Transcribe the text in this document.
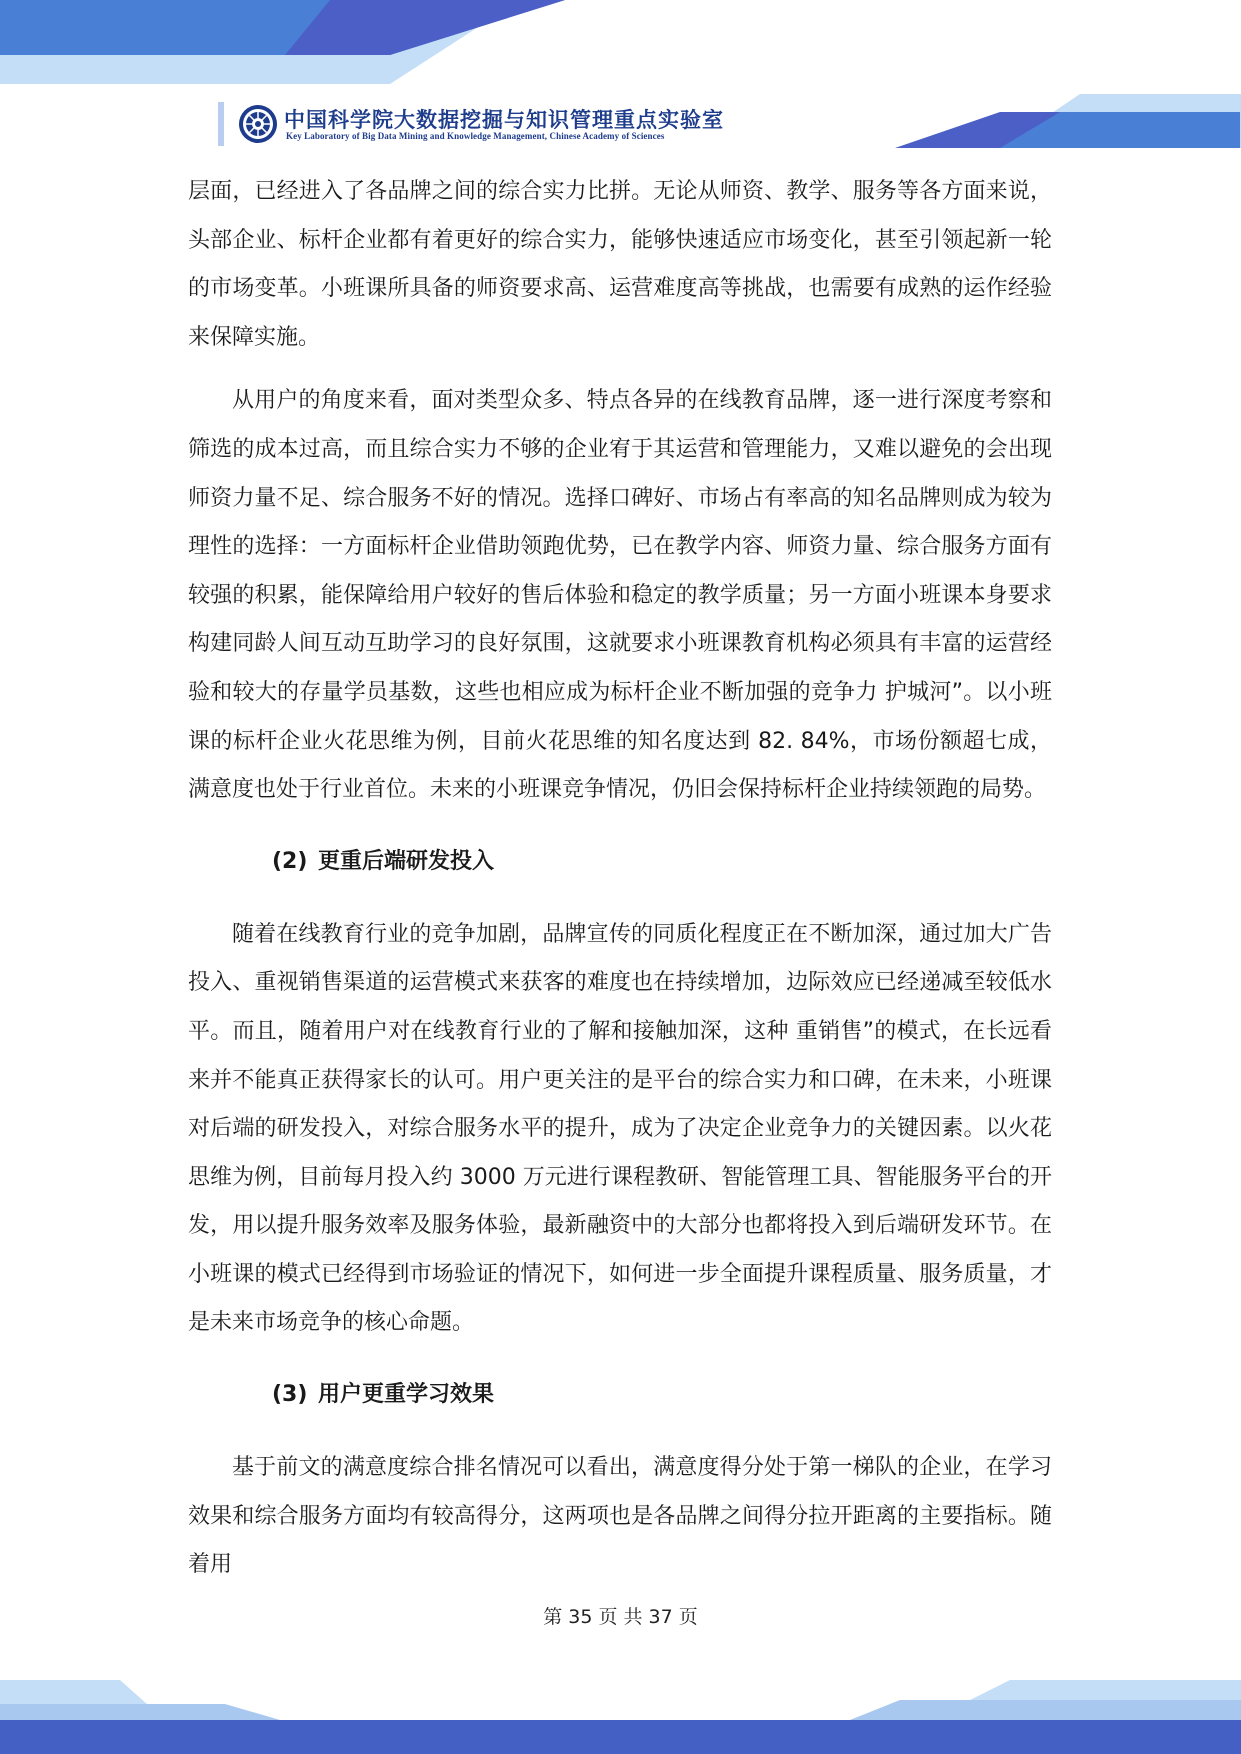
中国科学院大数据挖掘与知识管理重点实验室
Key Laboratory of Big Data Mining and Knowledge Management, Chinese Academy of Sciences

层面，已经进入了各品牌之间的综合实力比拼。无论从师资、教学、服务等各方面来说，头部企业、标杆企业都有着更好的综合实力，能够快速适应市场变化，甚至引领起新一轮的市场变革。小班课所具备的师资要求高、运营难度高等挑战，也需要有成熟的运作经验来保障实施。

从用户的角度来看，面对类型众多、特点各异的在线教育品牌，逐一进行深度考察和筛选的成本过高，而且综合实力不够的企业宥于其运营和管理能力，又难以避免的会出现师资力量不足、综合服务不好的情况。选择口碑好、市场占有率高的知名品牌则成为较为理性的选择：一方面标杆企业借助领跑优势，已在教学内容、师资力量、综合服务方面有较强的积累，能保障给用户较好的售后体验和稳定的教学质量；另一方面小班课本身要求构建同龄人间互动互助学习的良好氛围，这就要求小班课教育机构必须具有丰富的运营经验和较大的存量学员基数，这些也相应成为标杆企业不断加强的竞争力 护城河”。以小班课的标杆企业火花思维为例，目前火花思维的知名度达到 82. 84%，市场份额超七成，满意度也处于行业首位。未来的小班课竞争情况，仍旧会保持标杆企业持续领跑的局势。

(2) 更重后端研发投入

随着在线教育行业的竞争加剧，品牌宣传的同质化程度正在不断加深，通过加大广告投入、重视销售渠道的运营模式来获客的难度也在持续增加，边际效应已经递减至较低水平。而且，随着用户对在线教育行业的了解和接触加深，这种 重销售”的模式，在长远看来并不能真正获得家长的认可。用户更关注的是平台的综合实力和口碑，在未来，小班课对后端的研发投入，对综合服务水平的提升，成为了决定企业竞争力的关键因素。以火花思维为例，目前每月投入约 3000 万元进行课程教研、智能管理工具、智能服务平台的开发，用以提升服务效率及服务体验，最新融资中的大部分也都将投入到后端研发环节。在小班课的模式已经得到市场验证的情况下，如何进一步全面提升课程质量、服务质量，才是未来市场竞争的核心命题。

(3) 用户更重学习效果

基于前文的满意度综合排名情况可以看出，满意度得分处于第一梯队的企业，在学习效果和综合服务方面均有较高得分，这两项也是各品牌之间得分拉开距离的主要指标。随着用

第 35 页 共 37 页
